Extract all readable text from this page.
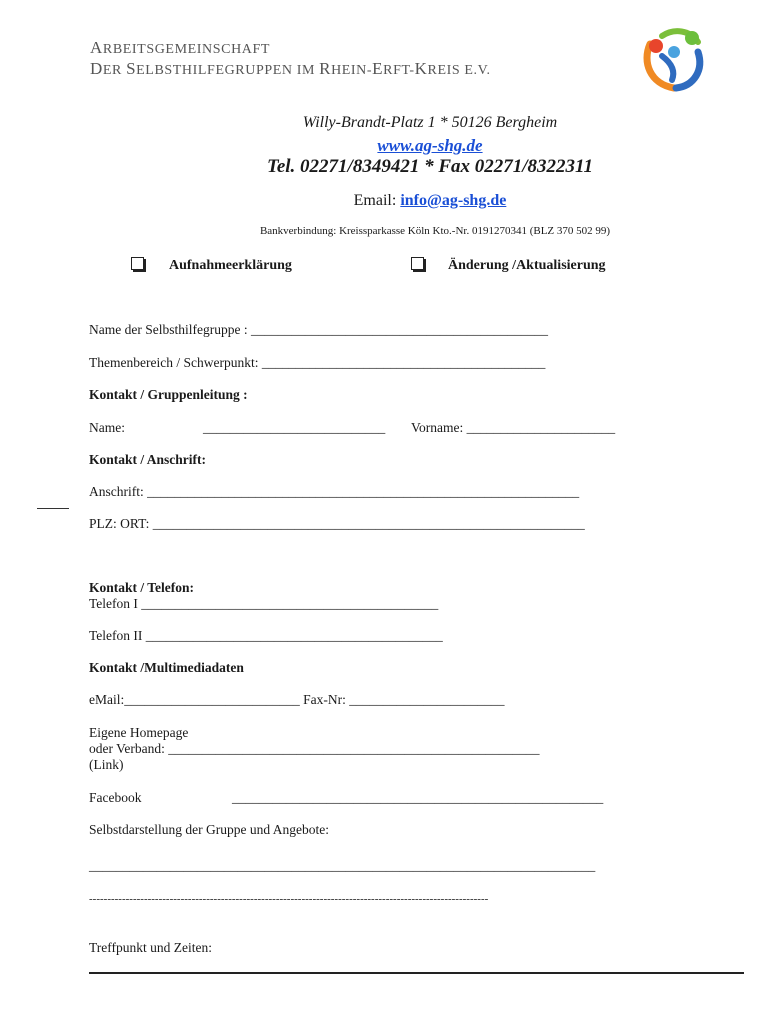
ARBEITSGEMEINSCHAFT
DER SELBSTHILFEGRUPPEN IM RHEIN-ERFT-KREIS E.V.
Willy-Brandt-Platz 1 * 50126 Bergheim
www.ag-shg.de
Tel. 02271/8349421 * Fax 02271/8322311
Email: info@ag-shg.de
Bankverbindung: Kreissparkasse Köln Kto.-Nr. 0191270341 (BLZ 370 502 99)
Aufnahmeerklärung	Änderung /Aktualisierung
Name der Selbsthilfegruppe : ____________________________________________
Themenbereich / Schwerpunkt: __________________________________________
Kontakt / Gruppenleitung :
Name:	___________________________ Vorname: ______________________
Kontakt / Anschrift:
Anschrift: ________________________________________________________________
PLZ: ORT: ________________________________________________________________
Kontakt / Telefon:
Telefon I ____________________________________________
Telefon II ____________________________________________
Kontakt /Multimediadaten
eMail:__________________________ Fax-Nr: _______________________
Eigene Homepage
oder Verband: _______________________________________________________
(Link)
Facebook	_______________________________________________________
Selbstdarstellung der Gruppe und Angebote:
___________________________________________________________________________
-------------------------------------------------------------------------------------------------------------
Treffpunkt und Zeiten:
